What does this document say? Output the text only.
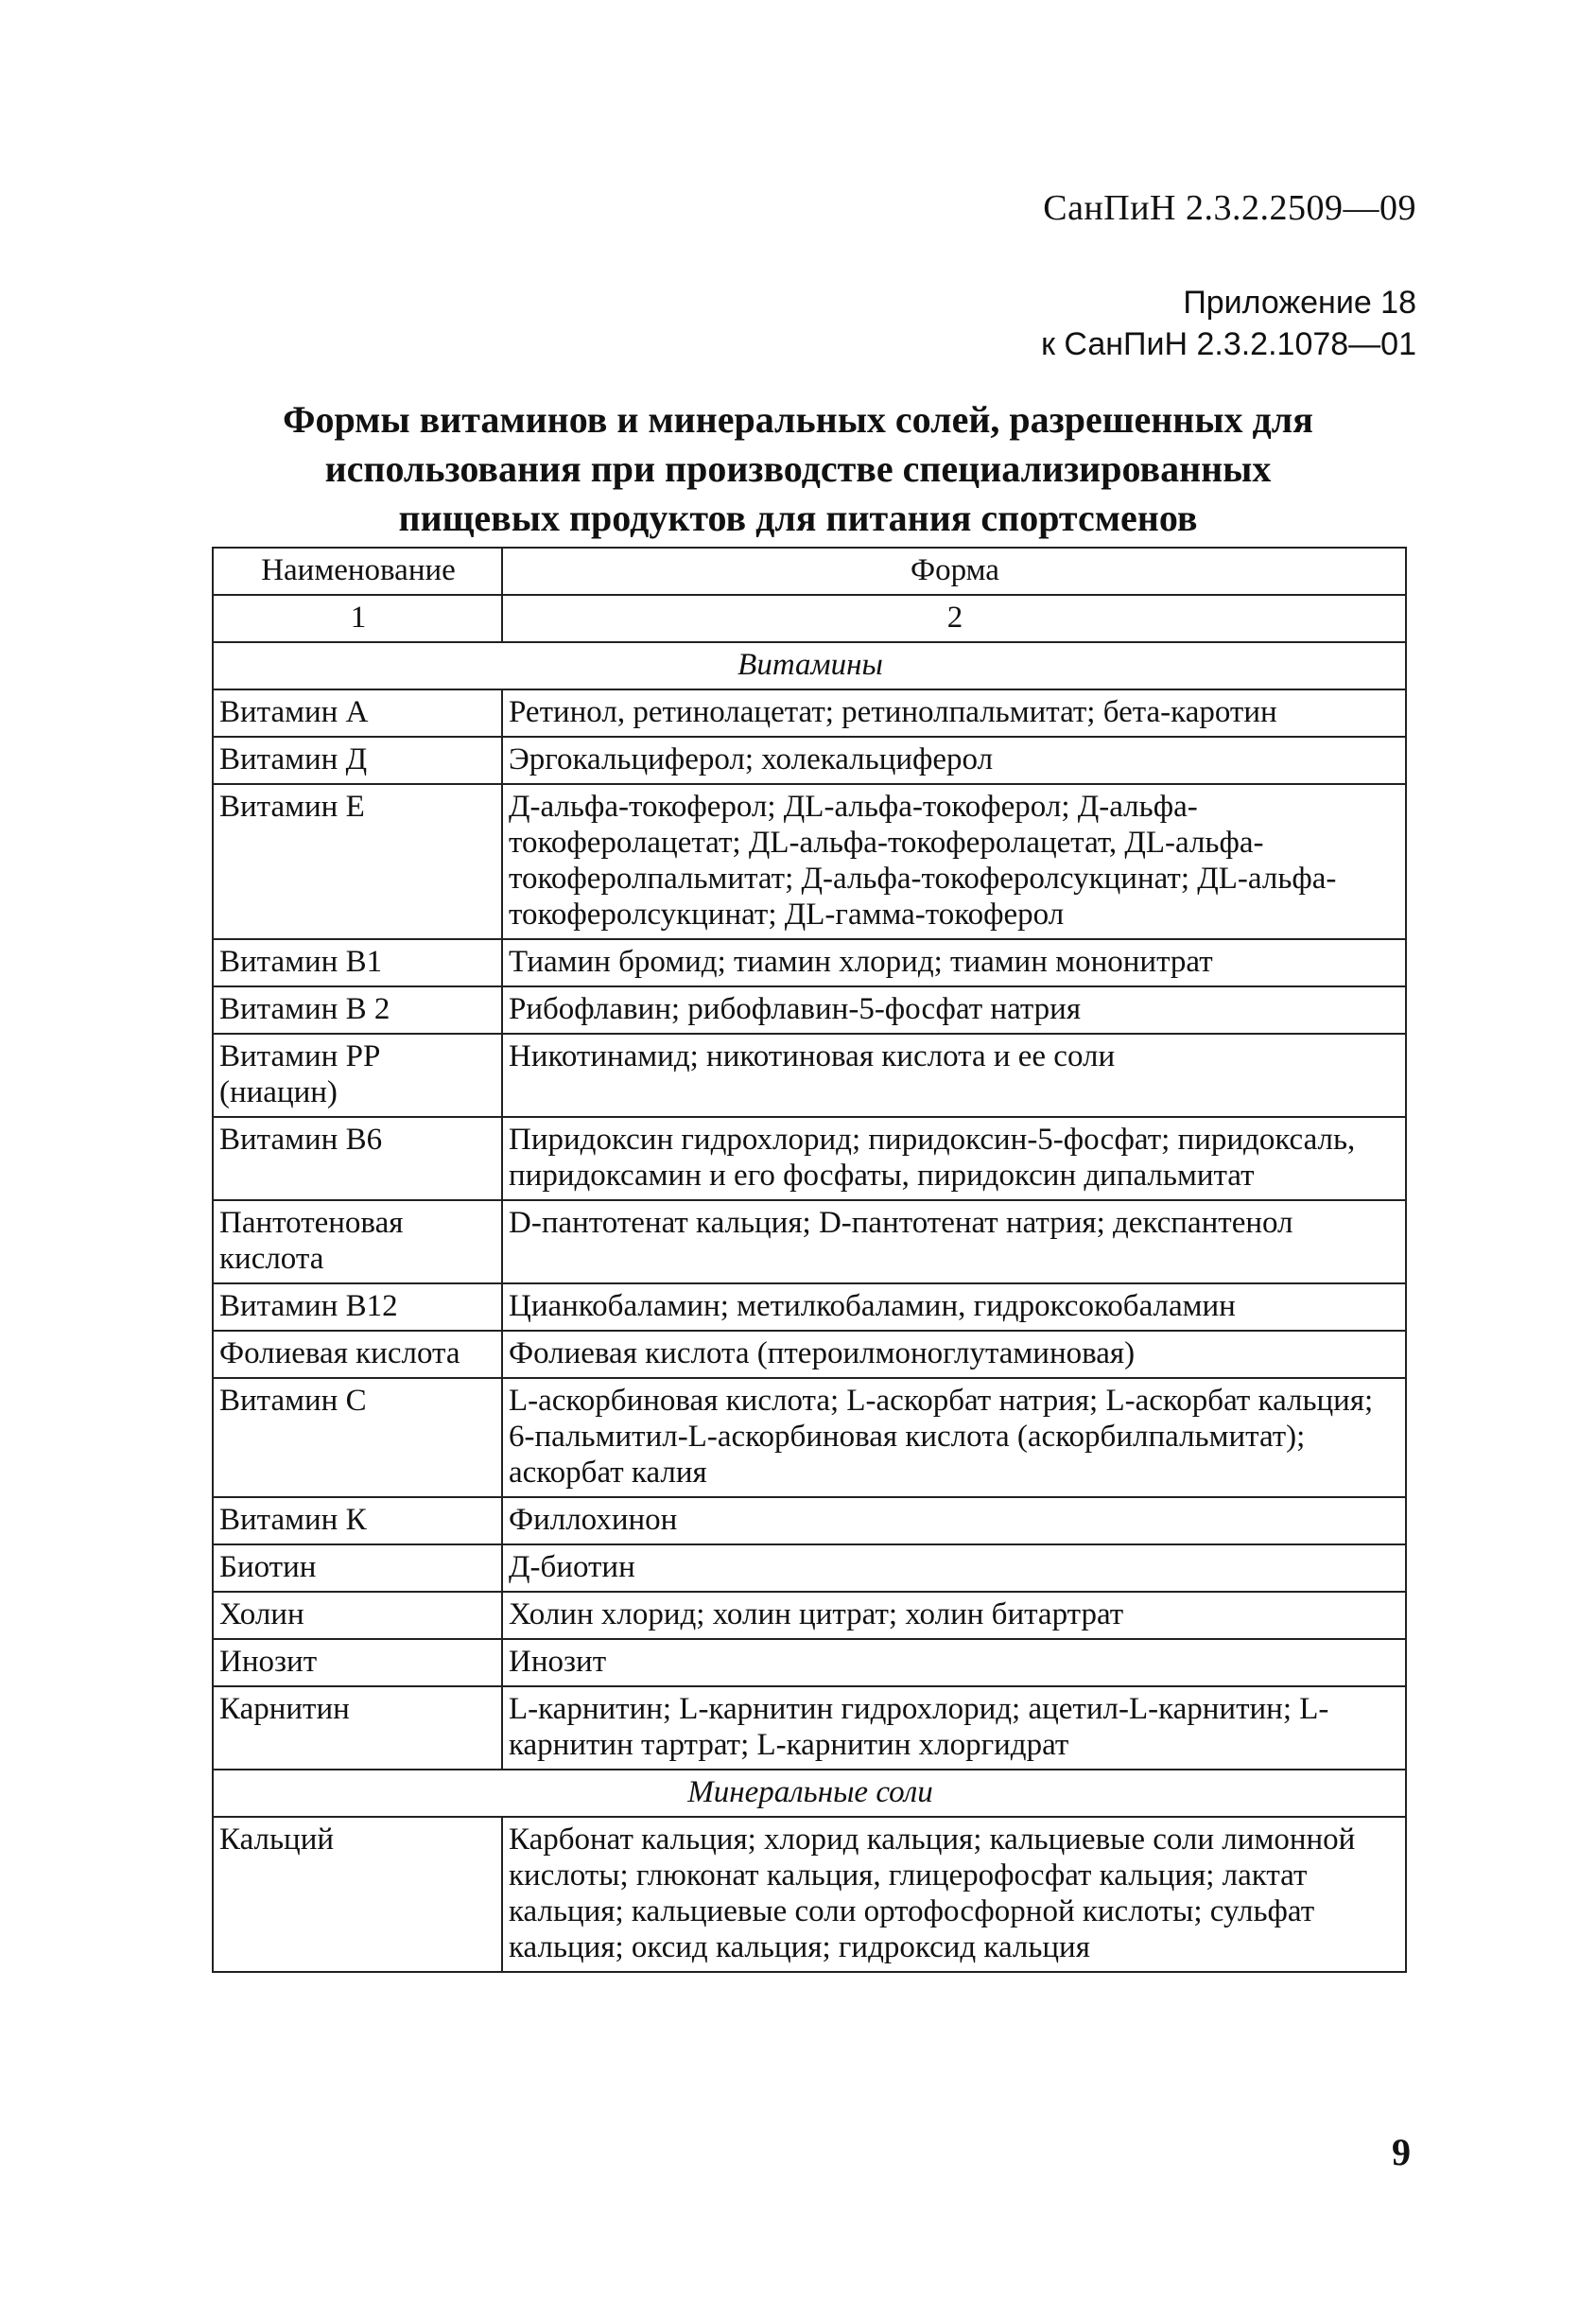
СанПиН 2.3.2.2509—09
Приложение 18
к СанПиН 2.3.2.1078—01
Формы витаминов и минеральных солей, разрешенных для
использования при производстве специализированных
пищевых продуктов для питания спортсменов
Наименование	Форма
1	2
Витамины	
Витамин А	Ретинол, ретинолацетат; ретинолпальмитат; бета-каротин
Витамин Д	Эргокальциферол; холекальциферол
Витамин Е	Д-альфа-токоферол; ДL-альфа-токоферол; Д-альфа-токоферолацетат; ДL-альфа-токоферолацетат, ДL-альфа-токоферолпальмитат; Д-альфа-токоферолсукцинат; ДL-альфа-токоферолсукцинат; ДL-гамма-токоферол
Витамин B1	Тиамин бромид; тиамин хлорид; тиамин мононитрат
Витамин В 2	Рибофлавин; рибофлавин-5-фосфат натрия
Витамин PP (ниацин)	Никотинамид; никотиновая кислота и ее соли
Витамин B6	Пиридоксин гидрохлорид; пиридоксин-5-фосфат; пиридоксаль, пиридоксамин и его фосфаты, пиридоксин дипальмитат
Пантотеновая кислота	D-пантотенат кальция; D-пантотенат натрия; декспантенол
Витамин B12	Цианкобаламин; метилкобаламин, гидроксокобаламин
Фолиевая кислота	Фолиевая кислота (птероилмоноглутаминовая)
Витамин С	L-аскорбиновая кислота; L-аскорбат натрия; L-аскорбат кальция; 6-пальмитил-L-аскорбиновая кислота (аскорбилпальмитат); аскорбат калия
Витамин К	Филлохинон
Биотин	Д-биотин
Холин	Холин хлорид; холин цитрат; холин битартрат
Инозит	Инозит
Карнитин	L-карнитин; L-карнитин гидрохлорид; ацетил-L-карнитин; L-карнитин тартрат; L-карнитин хлоргидрат
Минеральные соли	
Кальций	Карбонат кальция; хлорид кальция; кальциевые соли лимонной кислоты; глюконат кальция, глицерофосфат кальция; лактат кальция; кальциевые соли ортофосфорной кислоты; сульфат кальция; оксид кальция; гидроксид кальция
9
